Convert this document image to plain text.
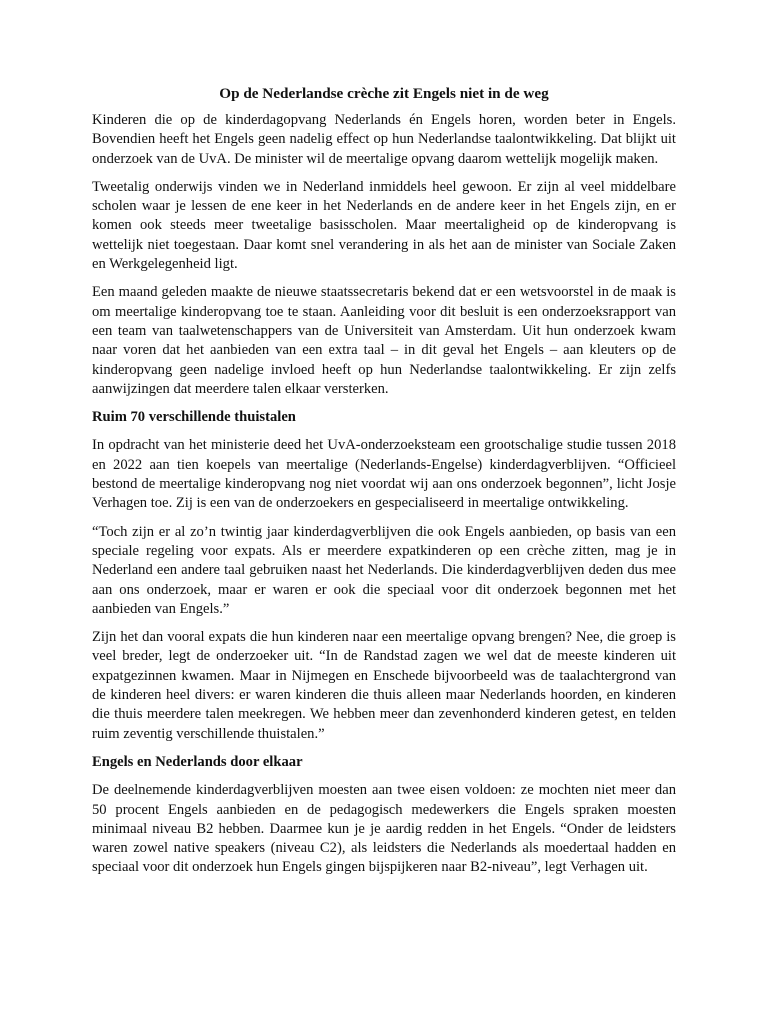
Op de Nederlandse crèche zit Engels niet in de weg

Kinderen die op de kinderdagopvang Nederlands én Engels horen, worden beter in Engels. Bovendien heeft het Engels geen nadelig effect op hun Nederlandse taalontwikkeling. Dat blijkt uit onderzoek van de UvA. De minister wil de meertalige opvang daarom wettelijk mogelijk maken.

Tweetalig onderwijs vinden we in Nederland inmiddels heel gewoon. Er zijn al veel middelbare scholen waar je lessen de ene keer in het Nederlands en de andere keer in het Engels zijn, en er komen ook steeds meer tweetalige basisscholen. Maar meertaligheid op de kinderopvang is wettelijk niet toegestaan. Daar komt snel verandering in als het aan de minister van Sociale Zaken en Werkgelegenheid ligt.

Een maand geleden maakte de nieuwe staatssecretaris bekend dat er een wetsvoorstel in de maak is om meertalige kinderopvang toe te staan. Aanleiding voor dit besluit is een onderzoeksrapport van een team van taalwetenschappers van de Universiteit van Amsterdam. Uit hun onderzoek kwam naar voren dat het aanbieden van een extra taal – in dit geval het Engels – aan kleuters op de kinderopvang geen nadelige invloed heeft op hun Nederlandse taalontwikkeling. Er zijn zelfs aanwijzingen dat meerdere talen elkaar versterken.

Ruim 70 verschillende thuistalen

In opdracht van het ministerie deed het UvA-onderzoeksteam een grootschalige studie tussen 2018 en 2022 aan tien koepels van meertalige (Nederlands-Engelse) kinderdagverblijven. “Officieel bestond de meertalige kinderopvang nog niet voordat wij aan ons onderzoek begonnen”, licht Josje Verhagen toe. Zij is een van de onderzoekers en gespecialiseerd in meertalige ontwikkeling.

“Toch zijn er al zo’n twintig jaar kinderdagverblijven die ook Engels aanbieden, op basis van een speciale regeling voor expats. Als er meerdere expatkinderen op een crèche zitten, mag je in Nederland een andere taal gebruiken naast het Nederlands. Die kinderdagverblijven deden dus mee aan ons onderzoek, maar er waren er ook die speciaal voor dit onderzoek begonnen met het aanbieden van Engels.”

Zijn het dan vooral expats die hun kinderen naar een meertalige opvang brengen? Nee, die groep is veel breder, legt de onderzoeker uit. “In de Randstad zagen we wel dat de meeste kinderen uit expatgezinnen kwamen. Maar in Nijmegen en Enschede bijvoorbeeld was de taalachtergrond van de kinderen heel divers: er waren kinderen die thuis alleen maar Nederlands hoorden, en kinderen die thuis meerdere talen meekregen. We hebben meer dan zevenhonderd kinderen getest, en telden ruim zeventig verschillende thuistalen.”

Engels en Nederlands door elkaar

De deelnemende kinderdagverblijven moesten aan twee eisen voldoen: ze mochten niet meer dan 50 procent Engels aanbieden en de pedagogisch medewerkers die Engels spraken moesten minimaal niveau B2 hebben. Daarmee kun je je aardig redden in het Engels. “Onder de leidsters waren zowel native speakers (niveau C2), als leidsters die Nederlands als moedertaal hadden en speciaal voor dit onderzoek hun Engels gingen bijspijkeren naar B2-niveau”, legt Verhagen uit.
